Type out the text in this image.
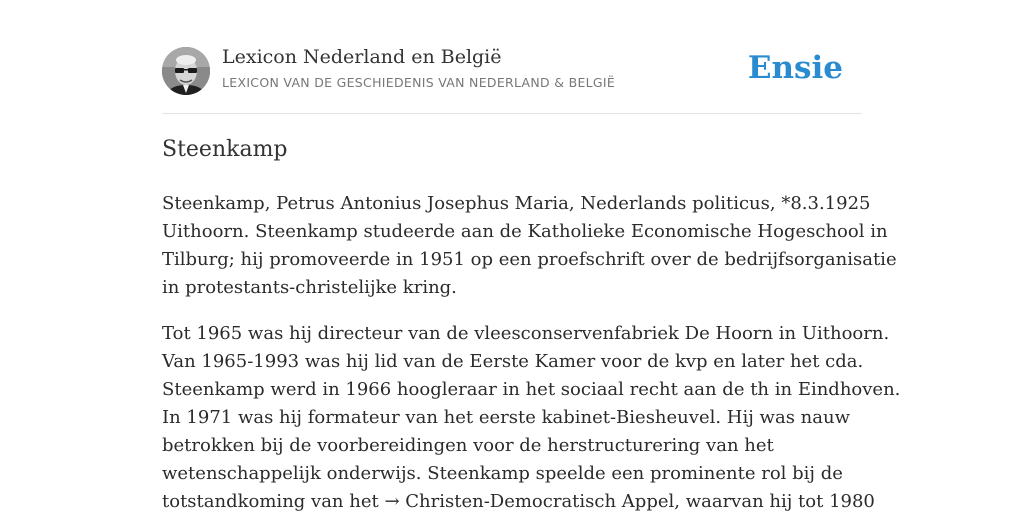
Lexicon Nederland en België
LEXICON VAN DE GESCHIEDENIS VAN NEDERLAND & BELGIË	Ensie
Steenkamp

Steenkamp, Petrus Antonius Josephus Maria, Nederlands politicus, *8.3.1925
Uithoorn. Steenkamp studeerde aan de Katholieke Economische Hogeschool in
Tilburg; hij promoveerde in 1951 op een proefschrift over de bedrijfsorganisatie
in protestants-christelijke kring.

Tot 1965 was hij directeur van de vleesconservenfabriek De Hoorn in Uithoorn.
Van 1965-1993 was hij lid van de Eerste Kamer voor de kvp en later het cda.
Steenkamp werd in 1966 hoogleraar in het sociaal recht aan de th in Eindhoven.
In 1971 was hij formateur van het eerste kabinet-Biesheuvel. Hij was nauw
betrokken bij de voorbereidingen voor de herstructurering van het
wetenschappelijk onderwijs. Steenkamp speelde een prominente rol bij de
totstandkoming van het → Christen-Democratisch Appel, waarvan hij tot 1980
